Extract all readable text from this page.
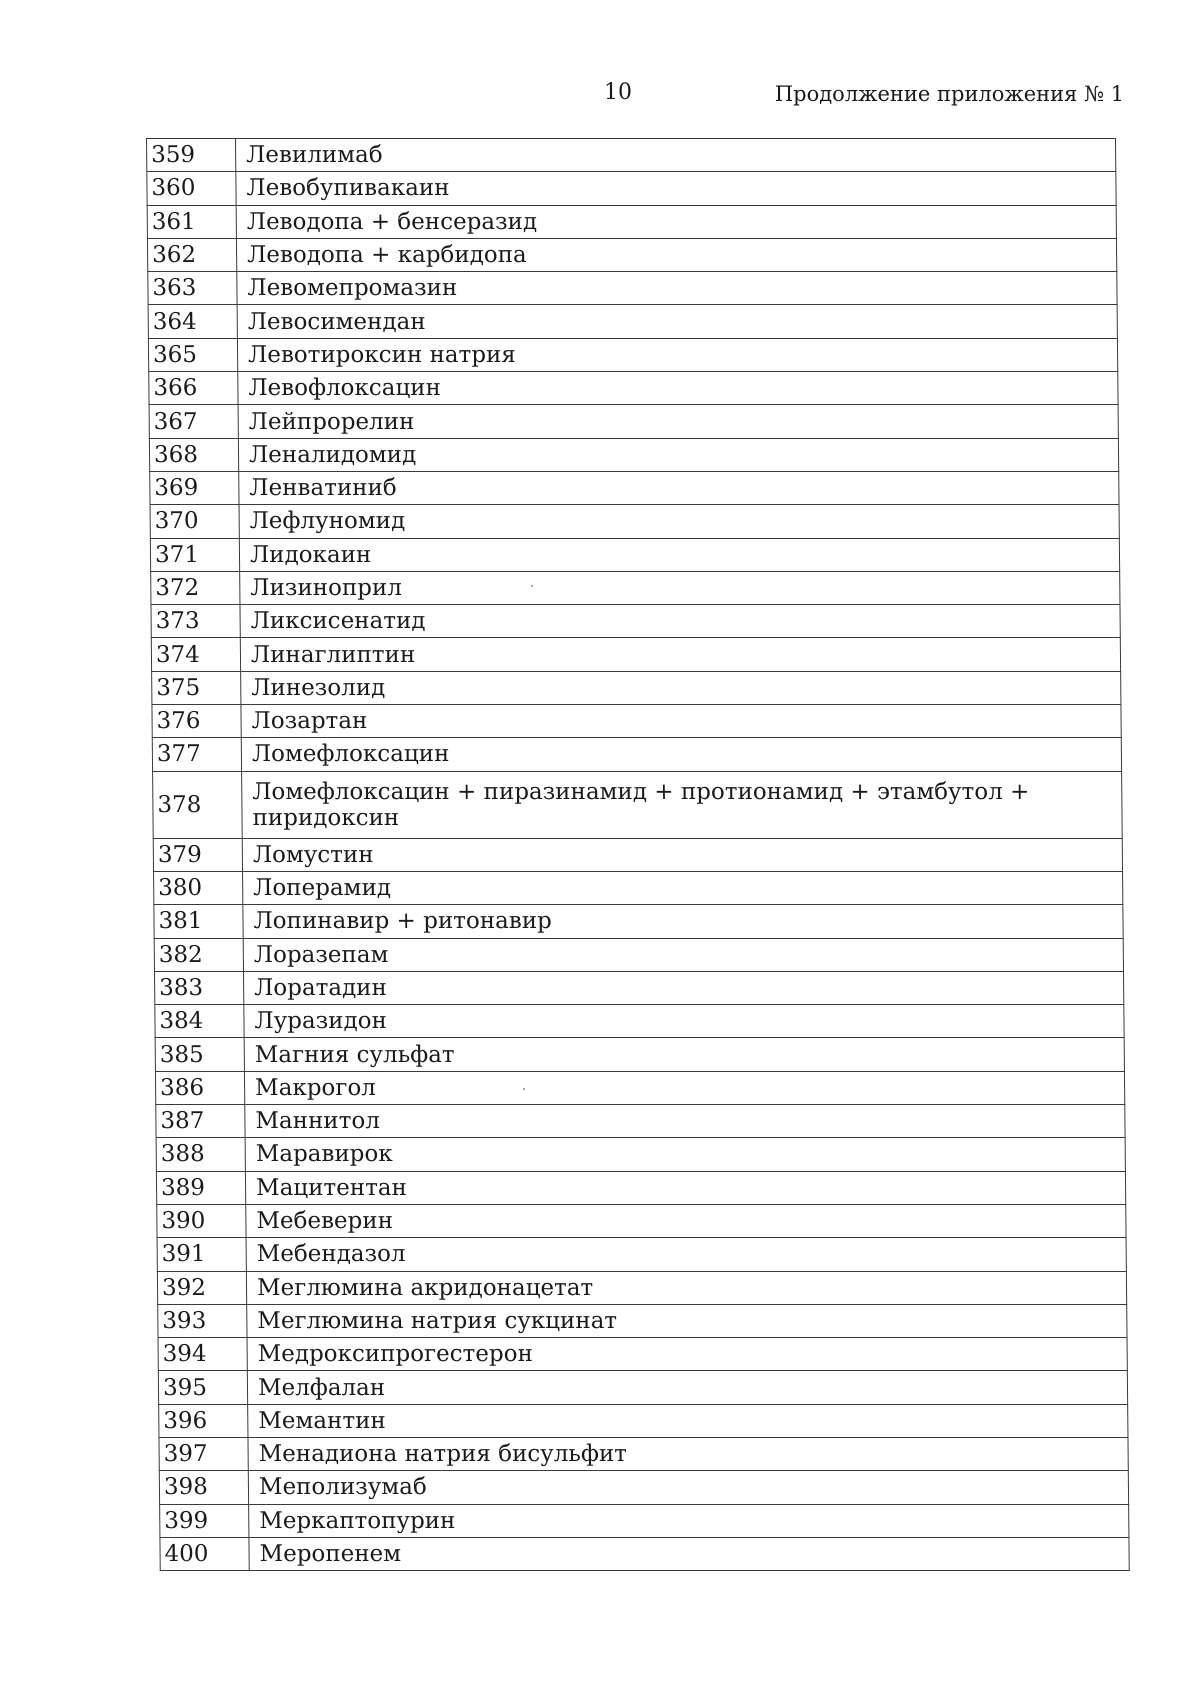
10	Продолжение приложения № 1
359	Левилимаб
360	Левобупивакаин
361	Леводопа + бенсеразид
362	Леводопа + карбидопа
363	Левомепромазин
364	Левосимендан
365	Левотироксин натрия
366	Левофлоксацин
367	Лейпрорелин
368	Леналидомид
369	Ленватиниб
370	Лефлуномид
371	Лидокаин
372	Лизиноприл
373	Ликсисенатид
374	Линаглиптин
375	Линезолид
376	Лозартан
377	Ломефлоксацин
378	Ломефлоксацин + пиразинамид + протионамид + этамбутол + пиридоксин
379	Ломустин
380	Лоперамид
381	Лопинавир + ритонавир
382	Лоразепам
383	Лоратадин
384	Луразидон
385	Магния сульфат
386	Макрогол
387	Маннитол
388	Маравирок
389	Мацитентан
390	Мебеверин
391	Мебендазол
392	Меглюмина акридонацетат
393	Меглюмина натрия сукцинат
394	Медроксипрогестерон
395	Мелфалан
396	Мемантин
397	Менадиона натрия бисульфит
398	Меполизумаб
399	Меркаптопурин
400	Меропенем
